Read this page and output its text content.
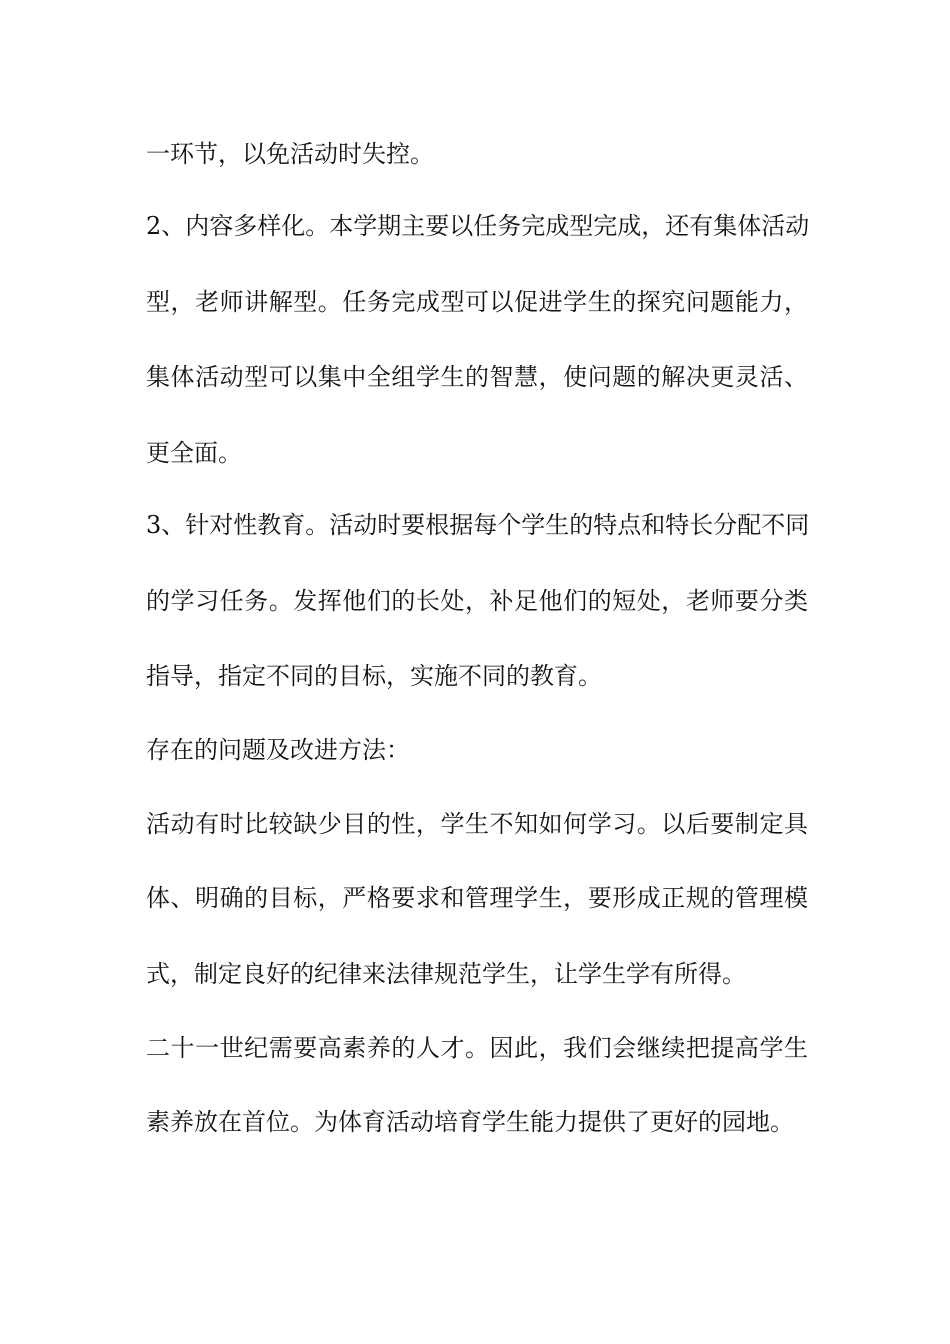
一环节，以免活动时失控。
2、内容多样化。本学期主要以任务完成型完成，还有集体活动
型，老师讲解型。任务完成型可以促进学生的探究问题能力，
集体活动型可以集中全组学生的智慧，使问题的解决更灵活、
更全面。
3、针对性教育。活动时要根据每个学生的特点和特长分配不同
的学习任务。发挥他们的长处，补足他们的短处，老师要分类
指导，指定不同的目标，实施不同的教育。
存在的问题及改进方法：
活动有时比较缺少目的性，学生不知如何学习。以后要制定具
体、明确的目标，严格要求和管理学生，要形成正规的管理模
式，制定良好的纪律来法律规范学生，让学生学有所得。
二十一世纪需要高素养的人才。因此，我们会继续把提高学生
素养放在首位。为体育活动培育学生能力提供了更好的园地。
